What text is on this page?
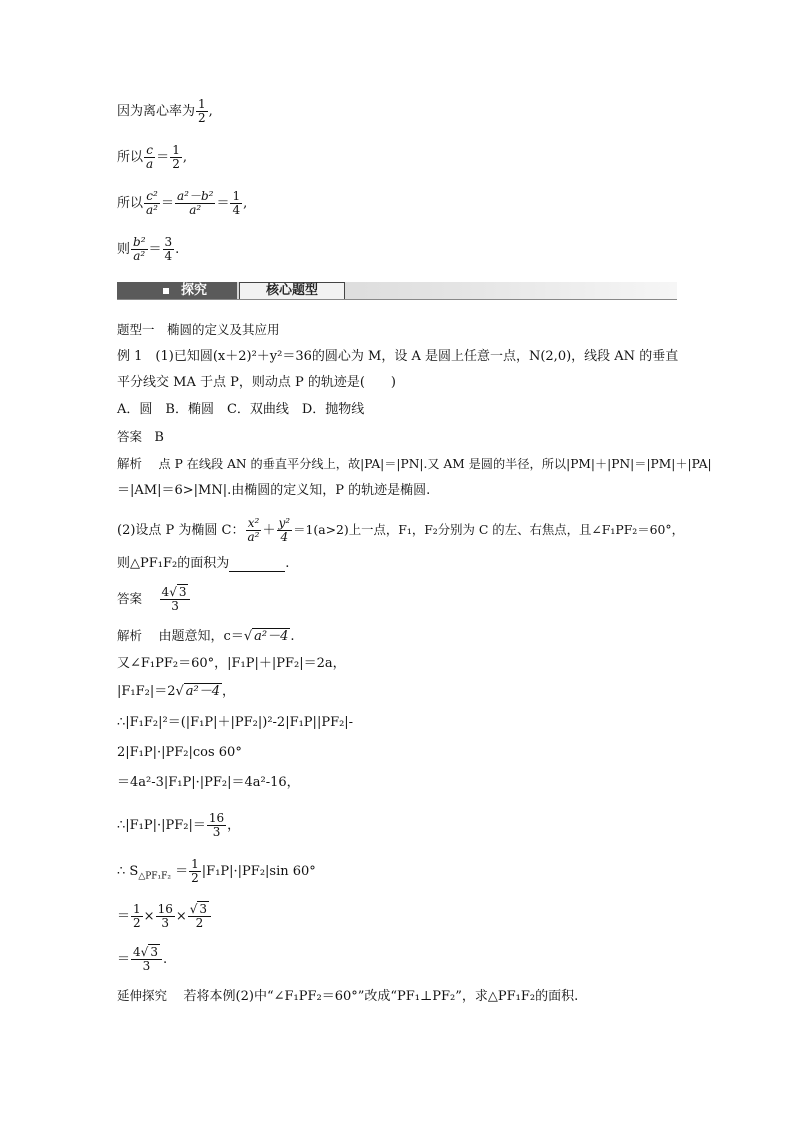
因为离心率为 $\frac{1}{2}$ ,
所以 $\frac{c}{a} = \frac{1}{2}$ ,
所以 $\frac{\text{c²}}{\text{a²}} = \frac{\text{a²－b²}}{\text{a²}} = \frac{1}{4}$ ,
则 $\frac{\text{b²}}{\text{a²}} = \frac{3}{4}$ .
探究	核心题型
题型一　椭圆的定义及其应用
例 1　(1)已知圆(x＋2)²＋y²＝36的圆心为 M，设 A 是圆上任意一点，N(2,0)，线段 AN 的垂直
平分线交 MA 于点 P，则动点 P 的轨迹是(　　)
A．圆　B．椭圆　C．双曲线　D．抛物线
答案 B
解析 点 P 在线段 AN 的垂直平分线上，故|PA|＝|PN|.又 AM 是圆的半径，所以|PM|＋|PN|＝|PM|＋|PA|
＝|AM|＝6>|MN|.由椭圆的定义知，P 的轨迹是椭圆.
(2)设点 P 为椭圆 C： $\frac{\text{x²}}{\text{a²}} + \frac{\text{y²}}{4} =1(a>2)$上一点，F₁，F₂分别为 C 的左、右焦点，且∠F₁PF₂＝60°，
则△PF₁F₂的面积为	.
答案 $\frac{4√ 3}{3}$
解析 由题意知，c＝√ a²－4 .
又∠F₁PF₂＝60°，|F₁P|＋|PF₂|＝2a，
|F₁F₂|＝2√ a²－4 ，
∴|F₁F₂|²＝(|F₁P|＋|PF₂|)²-2|F₁P||PF₂|-
2|F₁P|·|PF₂|cos 60°
＝4a²-3|F₁P|·|PF₂|＝4a²-16，
∴|F₁P|·|PF₂|＝ $\frac{16}{3}$ ，
∴ $S_{\triangle PF_1F_2} = \frac{1}{2} |F_1P|\cdot|PF_2|\sin$ 60°
＝ $\frac{1}{2} \times \frac{16}{3} \times \frac{√ 3}{2}$
＝ $\frac{4√ 3}{3}$ .
延伸探究 若将本例(2)中“∠F₁PF₂＝60°”改成“PF₁⊥PF₂”，求△PF₁F₂的面积.
